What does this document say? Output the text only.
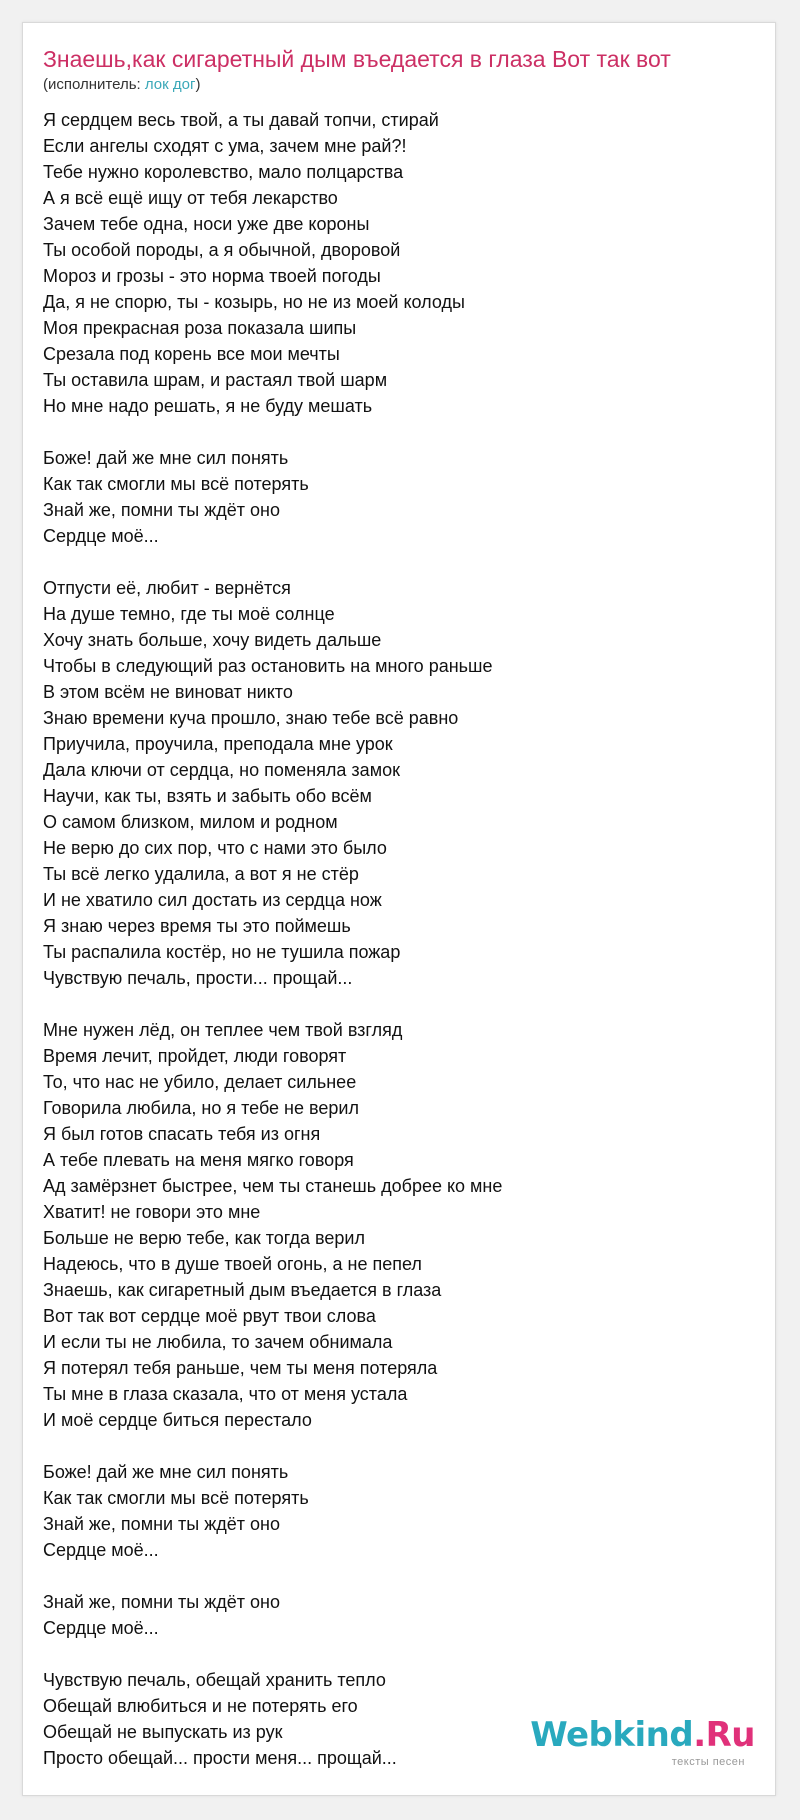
Знаешь,как сигаретный дым въедается в глаза Вот так вот
(исполнитель: лок дог)
Я сердцем весь твой, а ты давай топчи, стирай
Если ангелы сходят с ума, зачем мне рай?!
Тебе нужно королевство, мало полцарства
А я всё ещё ищу от тебя лекарство
Зачем тебе одна, носи уже две короны
Ты особой породы, а я обычной, дворовой
Мороз и грозы - это норма твоей погоды
Да, я не спорю, ты - козырь, но не из моей колоды
Моя прекрасная роза показала шипы
Срезала под корень все мои мечты
Ты оставила шрам, и растаял твой шарм
Но мне надо решать, я не буду мешать
Боже! дай же мне сил понять
Как так смогли мы всё потерять
Знай же, помни ты ждёт оно
Сердце моё...
Отпусти её, любит - вернётся
На душе темно, где ты моё солнце
Хочу знать больше, хочу видеть дальше
Чтобы в следующий раз остановить на много раньше
В этом всём не виноват никто
Знаю времени куча прошло, знаю тебе всё равно
Приучила, проучила, преподала мне урок
Дала ключи от сердца, но поменяла замок
Научи, как ты, взять и забыть обо всём
О самом близком, милом и родном
Не верю до сих пор, что с нами это было
Ты всё легко удалила, а вот я не стёр
И не хватило сил достать из сердца нож
Я знаю через время ты это поймешь
Ты распалила костёр, но не тушила пожар
Чувствую печаль, прости... прощай...
Мне нужен лёд, он теплее чем твой взгляд
Время лечит, пройдет, люди говорят
То, что нас не убило, делает сильнее
Говорила любила, но я тебе не верил
Я был готов спасать тебя из огня
А тебе плевать на меня мягко говоря
Ад замёрзнет быстрее, чем ты станешь добрее ко мне
Хватит! не говори это мне
Больше не верю тебе, как тогда верил
Надеюсь, что в душе твоей огонь, а не пепел
Знаешь, как сигаретный дым въедается в глаза
Вот так вот сердце моё рвут твои слова
И если ты не любила, то зачем обнимала
Я потерял тебя раньше, чем ты меня потеряла
Ты мне в глаза сказала, что от меня устала
И моё сердце биться перестало
Боже! дай же мне сил понять
Как так смогли мы всё потерять
Знай же, помни ты ждёт оно
Сердце моё...
Знай же, помни ты ждёт оно
Сердце моё...
Чувствую печаль, обещай хранить тепло
Обещай влюбиться и не потерять его
Обещай не выпускать из рук
Просто обещай... прости меня... прощай...
Webkind.Ru
тексты песен
